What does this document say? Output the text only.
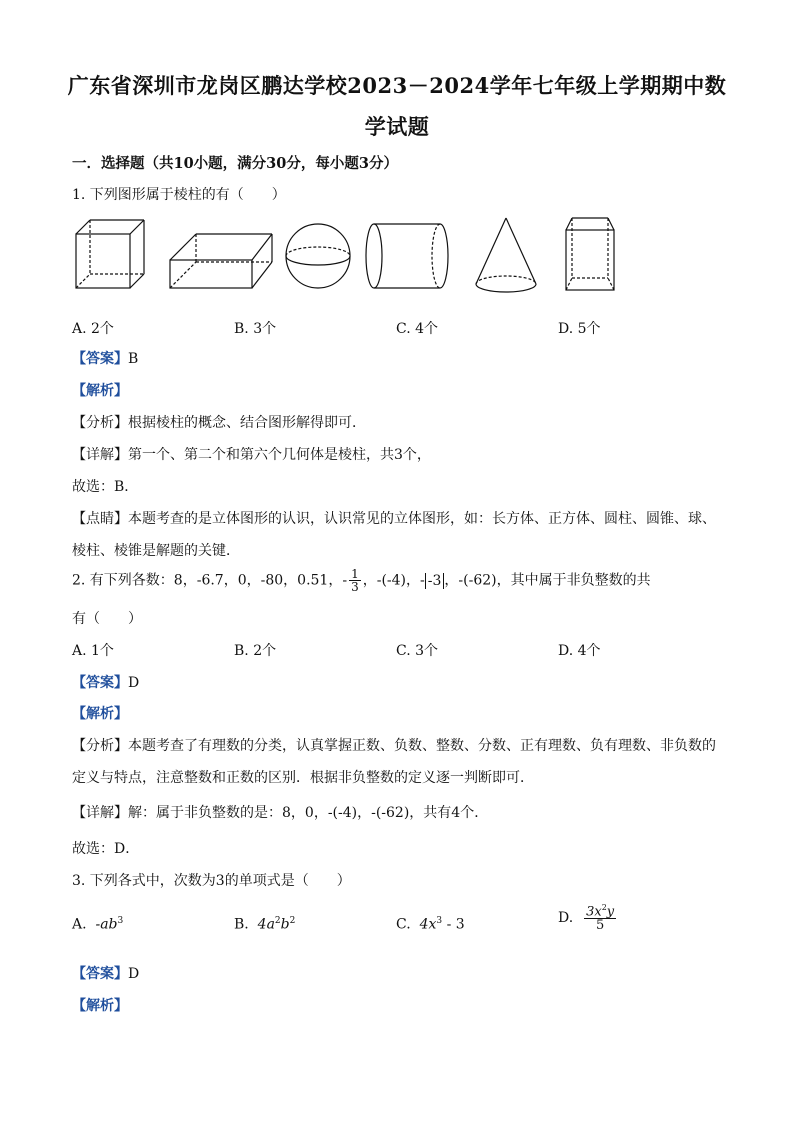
广东省深圳市龙岗区鹏达学校2023－2024学年七年级上学期期中数
学试题
一．选择题（共10小题，满分30分，每小题3分）
1. 下列图形属于棱柱的有（　　）
A. 2个	B. 3个	C. 4个	D. 5个
【答案】B
【解析】
【分析】根据棱柱的概念、结合图形解得即可．
【详解】第一个、第二个和第六个几何体是棱柱，共3个，
故选：B．
【点睛】本题考查的是立体图形的认识，认识常见的立体图形，如：长方体、正方体、圆柱、圆锥、球、
棱柱、棱锥是解题的关键．
2. 有下列各数：8，-6.7，0，-80，0.51，- $\frac{1}{3}$ ，-(-4)，- -3 ，-(-62)，其中属于非负整数的共
有（　　）
A. 1个	B. 2个	C. 3个	D. 4个
【答案】D
【解析】
【分析】本题考查了有理数的分类，认真掌握正数、负数、整数、分数、正有理数、负有理数、非负数的
定义与特点，注意整数和正数的区别．根据非负整数的定义逐一判断即可．
【详解】解：属于非负整数的是：8，0，-(-4)，-(-62)，共有4个．
故选：D．
3. 下列各式中，次数为3的单项式是（　　）
A. $-ab^3$	B. $4a^2b^2$	C. $4x^3 - 3$	D. $\frac{3x^2y}{5}$
【答案】D
【解析】
